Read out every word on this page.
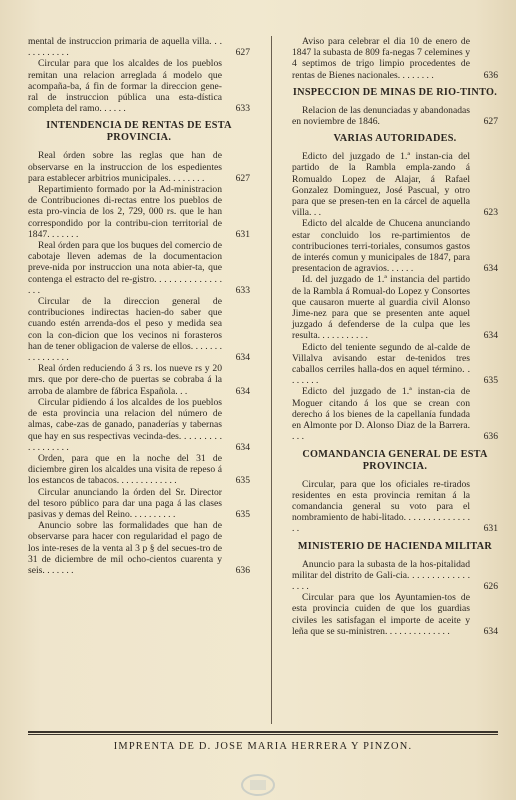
mental de instruccion primaria de aquella villa. . . . . . . . . . . .	627

Circular para que los alcaldes de los pueblos remitan una relacion arreglada á modelo que acompaña-ba, á fin de formar la direccion gene-ral de instruccion pública una esta-dística completa del ramo. . . . . .	633

INTENDENCIA DE RENTAS DE ESTA PROVINCIA.

Real órden sobre las reglas que han de observarse en la instruccion de los espedientes para establecer arbitrios municipales. . . . . . . .	627

Repartimiento formado por la Ad-ministracion de Contribuciones di-rectas entre los pueblos de esta pro-vincia de los 2, 729, 000 rs. que le han correspondido por la contribu-cion territorial de 1847. . . . . . .	631

Real órden para que los buques del comercio de cabotaje lleven ademas de la documentacion preve-nida por instruccion una nota abier-ta, que contenga el estracto del re-gistro. . . . . . . . . . . . . . . . .	633

Circular de la direccion general de contribuciones indirectas hacien-do saber que cuando estén arrenda-dos el peso y medida sea con la con-dicion que los vecinos ni forasteros han de tener obligacion de valerse de ellos. . . . . . . . . . . . . . . .	634

Real órden reduciendo á 3 rs. los nueve rs y 20 mrs. que por dere-cho de puertas se cobraba á la arroba de alambre de fábrica Española. . .	634

Circular pidiendo á los alcaldes de los pueblos de esta provincia una relacion del número de almas, cabe-zas de ganado, panaderías y tabernas que hay en sus respectivas vecinda-des. . . . . . . . . . . . . . . . . .	634

Orden, para que en la noche del 31 de diciembre giren los alcaldes una visita de repeso á los estancos de tabacos. . . . . . . . . . . . .	635

Circular anunciando la órden del Sr. Director del tesoro público para dar una paga á las clases pasivas y demas del Reino. . . . . . . . . .	635

Anuncio sobre las formalidades que han de observarse para hacer con regularidad el pago de los inte-reses de la venta al 3 p § del secues-tro de 31 de diciembre de mil ocho-cientos cuarenta y seis. . . . . . .	636

Aviso para celebrar el dia 10 de enero de 1847 la subasta de 809 fa-negas 7 celemines y 4 septimos de trigo limpio procedentes de rentas de Bienes nacionales. . . . . . . .	636

INSPECCION DE MINAS DE RIO-TINTO.

Relacion de las denunciadas y abandonadas en noviembre de 1846.	627

VARIAS AUTORIDADES.

Edicto del juzgado de 1.ª instan-cia del partido de la Rambla empla-zando á Romualdo Lopez de Alajar, á Rafael Gonzalez Dominguez, José Pascual, y otro para que se presen-ten en la cárcel de aquella villa. . .	623

Edicto del alcalde de Chucena anunciando estar concluido los re-partimientos de contribuciones terri-toriales, consumos gastos de interés comun y municipales de 1847, para presentacion de agravios. . . . . .	634

Id. del juzgado de 1.ª instancia del partido de la Rambla á Romual-do Lopez y Consortes que causaron muerte al guardia civil Alonso Jime-nez para que se presenten ante aquel juzgado á defenderse de la culpa que les resulta. . . . . . . . . . .	634

Edicto del teniente segundo de al-calde de Villalva avisando estar de-tenidos tres caballos cerriles halla-dos en aquel término. . . . . . . .	635

Edicto del juzgado de 1.ª instan-cia de Moguer citando á los que se crean con derecho á los bienes de la capellanía fundada en Almonte por D. Alonso Diaz de la Barrera. . . .	636

COMANDANCIA GENERAL DE ESTA PROVINCIA.

Circular, para que los oficiales re-tirados residentes en esta provincia remitan á la comandancia general su voto para el nombramiento de habi-litado. . . . . . . . . . . . . . . .	631

MINISTERIO DE HACIENDA MILITAR

Anuncio para la subasta de la hos-pitalidad militar del distrito de Gali-cia. . . . . . . . . . . . . . . . .	626

Circular para que los Ayuntamien-tos de esta provincia cuiden de que los guardias civiles les satisfagan el importe de aceite y leña que se su-ministren. . . . . . . . . . . . . .	634

IMPRENTA DE D. JOSE MARIA HERRERA Y PINZON.
